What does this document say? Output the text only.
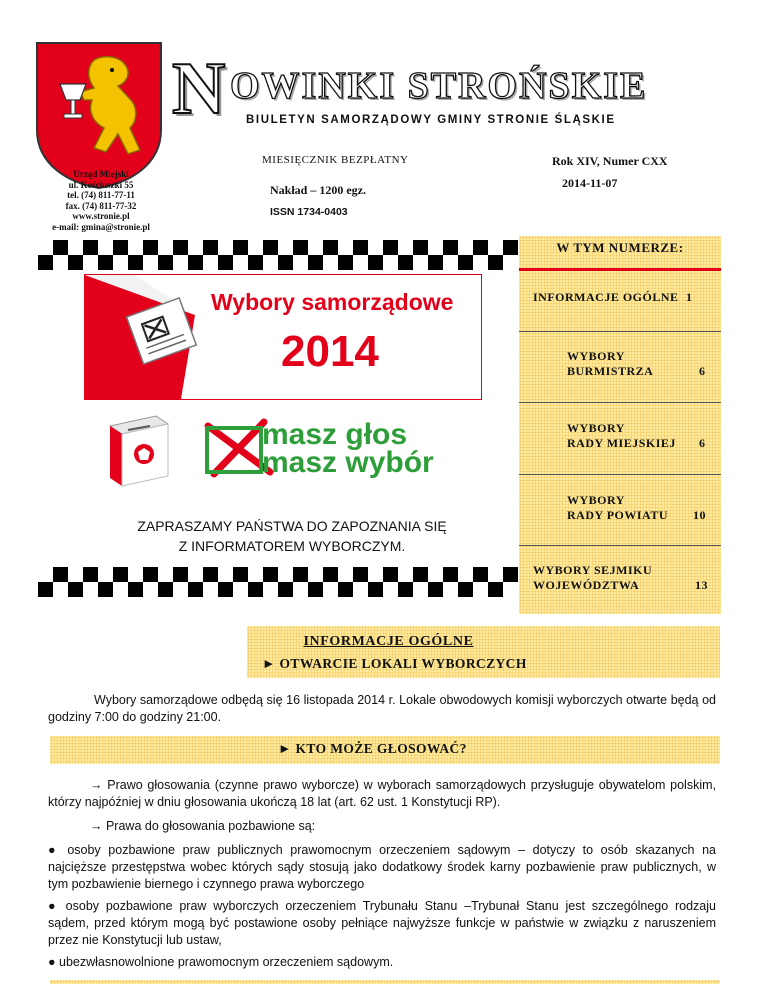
N OWINKI STROŃSKIE
BIULETYN SAMORZĄDOWY GMINY STRONIE ŚLĄSKIE
Urząd Miejski
ul. Kościuszki 55
tel. (74) 811-77-11
fax. (74) 811-77-32
www.stronie.pl
e-mail: gmina@stronie.pl
MIESIĘCZNIK BEZPŁATNY	Rok XIV, Numer CXX
Nakład – 1200 egz.	2014-11-07
ISSN 1734-0403
W TYM NUMERZE:
INFORMACJE OGÓLNE 1
WYBORY
BURMISTRZA	6
WYBORY
RADY MIEJSKIEJ	6
WYBORY
RADY POWIATU	10
WYBORY SEJMIKU
WOJEWÓDZTWA	13
Wybory samorządowe
2014
masz głos
masz wybór
ZAPRASZAMY PAŃSTWA DO ZAPOZNANIA SIĘ
Z INFORMATOREM WYBORCZYM.
INFORMACJE OGÓLNE
► OTWARCIE LOKALI WYBORCZYCH

Wybory samorządowe odbędą się 16 listopada 2014 r. Lokale obwodowych komisji wyborczych otwarte będą od godziny 7:00 do godziny 21:00.

► KTO MOŻE GŁOSOWAĆ?

→ Prawo głosowania (czynne prawo wyborcze) w wyborach samorządowych przysługuje obywatelom polskim, którzy najpóźniej w dniu głosowania ukończą 18 lat (art. 62 ust. 1 Konstytucji RP).

→ Prawa do głosowania pozbawione są:

● osoby pozbawione praw publicznych prawomocnym orzeczeniem sądowym – dotyczy to osób skazanych na najcięższe przestępstwa wobec których sądy stosują jako dodatkowy środek karny pozbawienie praw publicznych, w tym pozbawienie biernego i czynnego prawa wyborczego

● osoby pozbawione praw wyborczych orzeczeniem Trybunału Stanu –Trybunał Stanu jest szczególnego rodzaju sądem, przed którym mogą być postawione osoby pełniące najwyższe funkcje w państwie w związku z naruszeniem przez nie Konstytucji lub ustaw,

● ubezwłasnowolnione prawomocnym orzeczeniem sądowym.
